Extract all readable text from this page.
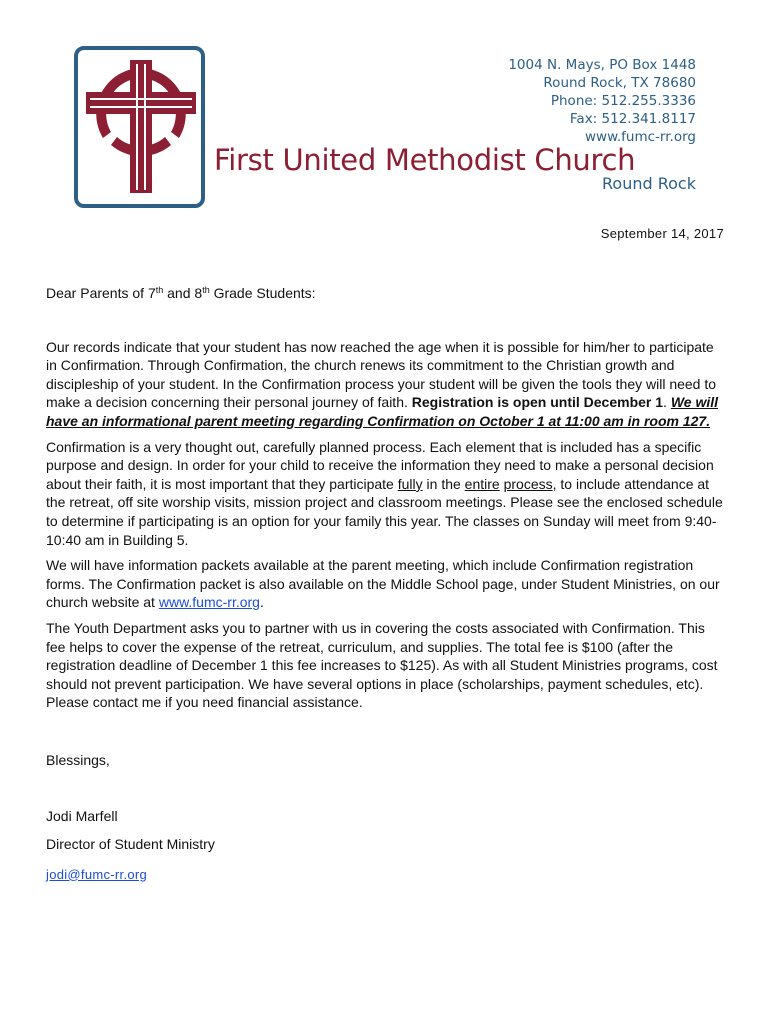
1004 N. Mays, PO Box 1448
Round Rock, TX 78680
Phone: 512.255.3336
Fax: 512.341.8117
www.fumc-rr.org
First United Methodist Church
Round Rock
September 14, 2017

Dear Parents of 7th and 8th Grade Students:

Our records indicate that your student has now reached the age when it is possible for him/her to participate in Confirmation. Through Confirmation, the church renews its commitment to the Christian growth and discipleship of your student. In the Confirmation process your student will be given the tools they will need to make a decision concerning their personal journey of faith. Registration is open until December 1. We will have an informational parent meeting regarding Confirmation on October 1 at 11:00 am in room 127.

Confirmation is a very thought out, carefully planned process. Each element that is included has a specific purpose and design. In order for your child to receive the information they need to make a personal decision about their faith, it is most important that they participate fully in the entire process, to include attendance at the retreat, off site worship visits, mission project and classroom meetings. Please see the enclosed schedule to determine if participating is an option for your family this year. The classes on Sunday will meet from 9:40-10:40 am in Building 5.

We will have information packets available at the parent meeting, which include Confirmation registration forms. The Confirmation packet is also available on the Middle School page, under Student Ministries, on our church website at www.fumc-rr.org.

The Youth Department asks you to partner with us in covering the costs associated with Confirmation. This fee helps to cover the expense of the retreat, curriculum, and supplies. The total fee is $100 (after the registration deadline of December 1 this fee increases to $125). As with all Student Ministries programs, cost should not prevent participation. We have several options in place (scholarships, payment schedules, etc). Please contact me if you need financial assistance.

Blessings,

Jodi Marfell

Director of Student Ministry

jodi@fumc-rr.org
